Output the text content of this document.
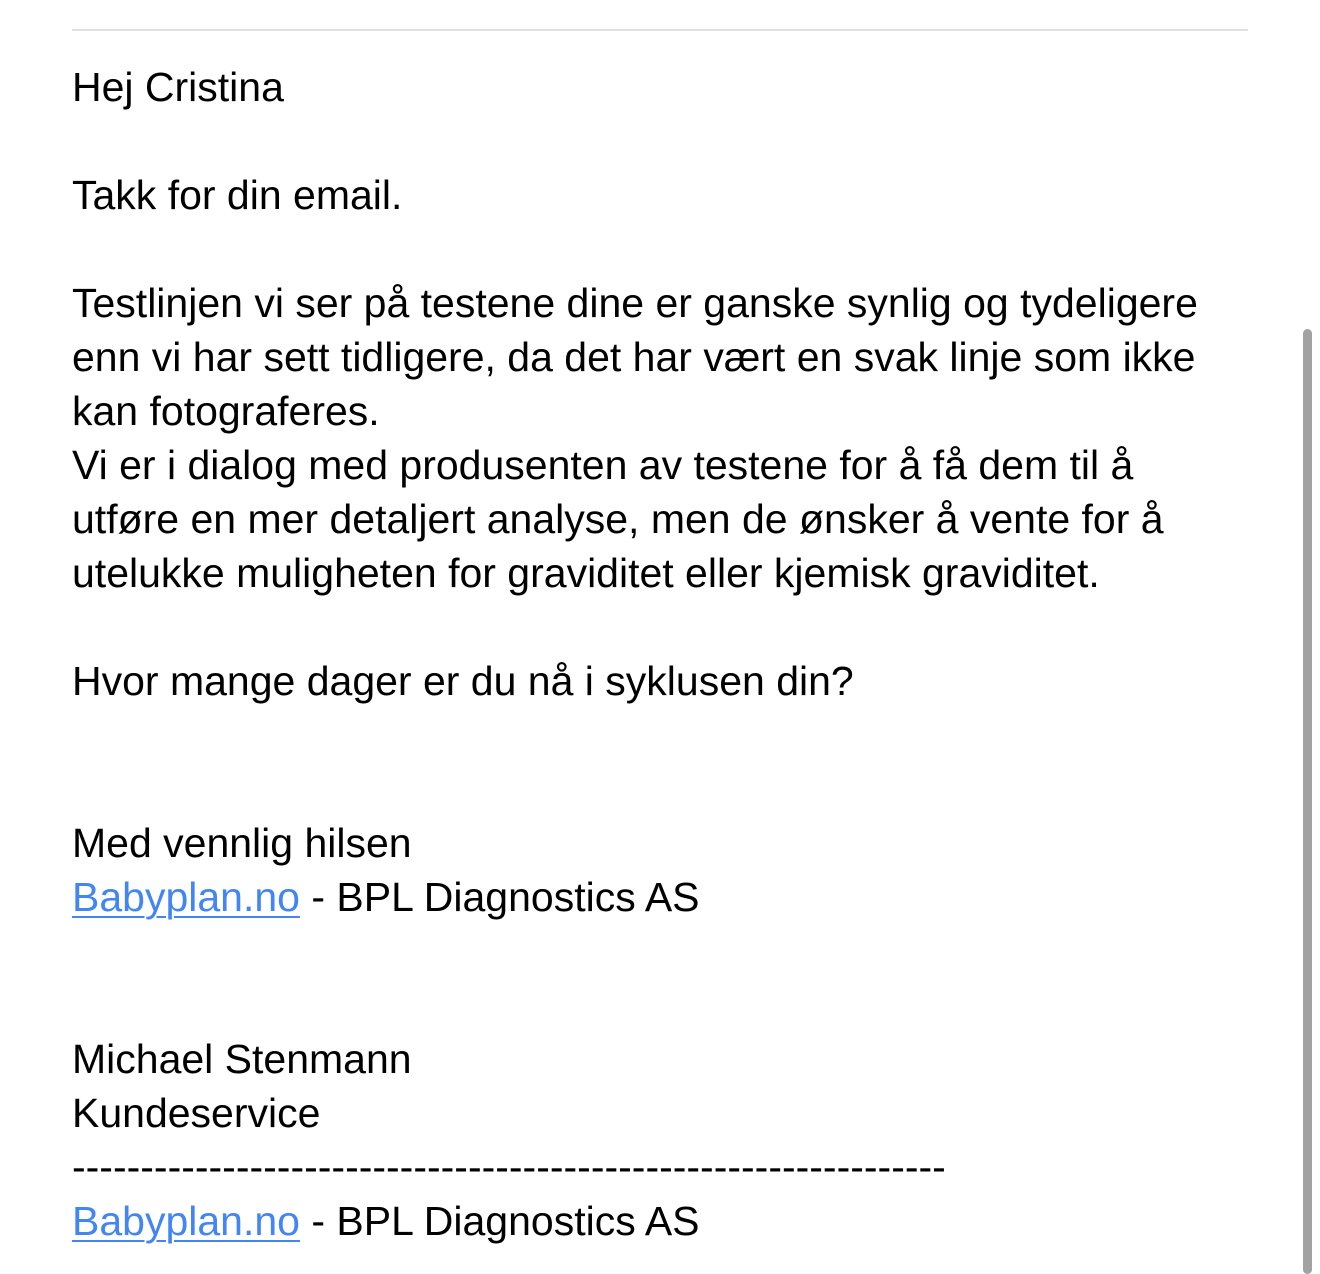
Hej Cristina

Takk for din email.

Testlinjen vi ser på testene dine er ganske synlig og tydeligere enn vi har sett tidligere, da det har vært en svak linje som ikke kan fotograferes.

Vi er i dialog med produsenten av testene for å få dem til å utføre en mer detaljert analyse, men de ønsker å vente for å utelukke muligheten for graviditet eller kjemisk graviditet.

Hvor mange dager er du nå i syklusen din?

Med vennlig hilsen

Babyplan.no - BPL Diagnostics AS

Michael Stenmann

Kundeservice

----------------------------------------------------------------

Babyplan.no - BPL Diagnostics AS
